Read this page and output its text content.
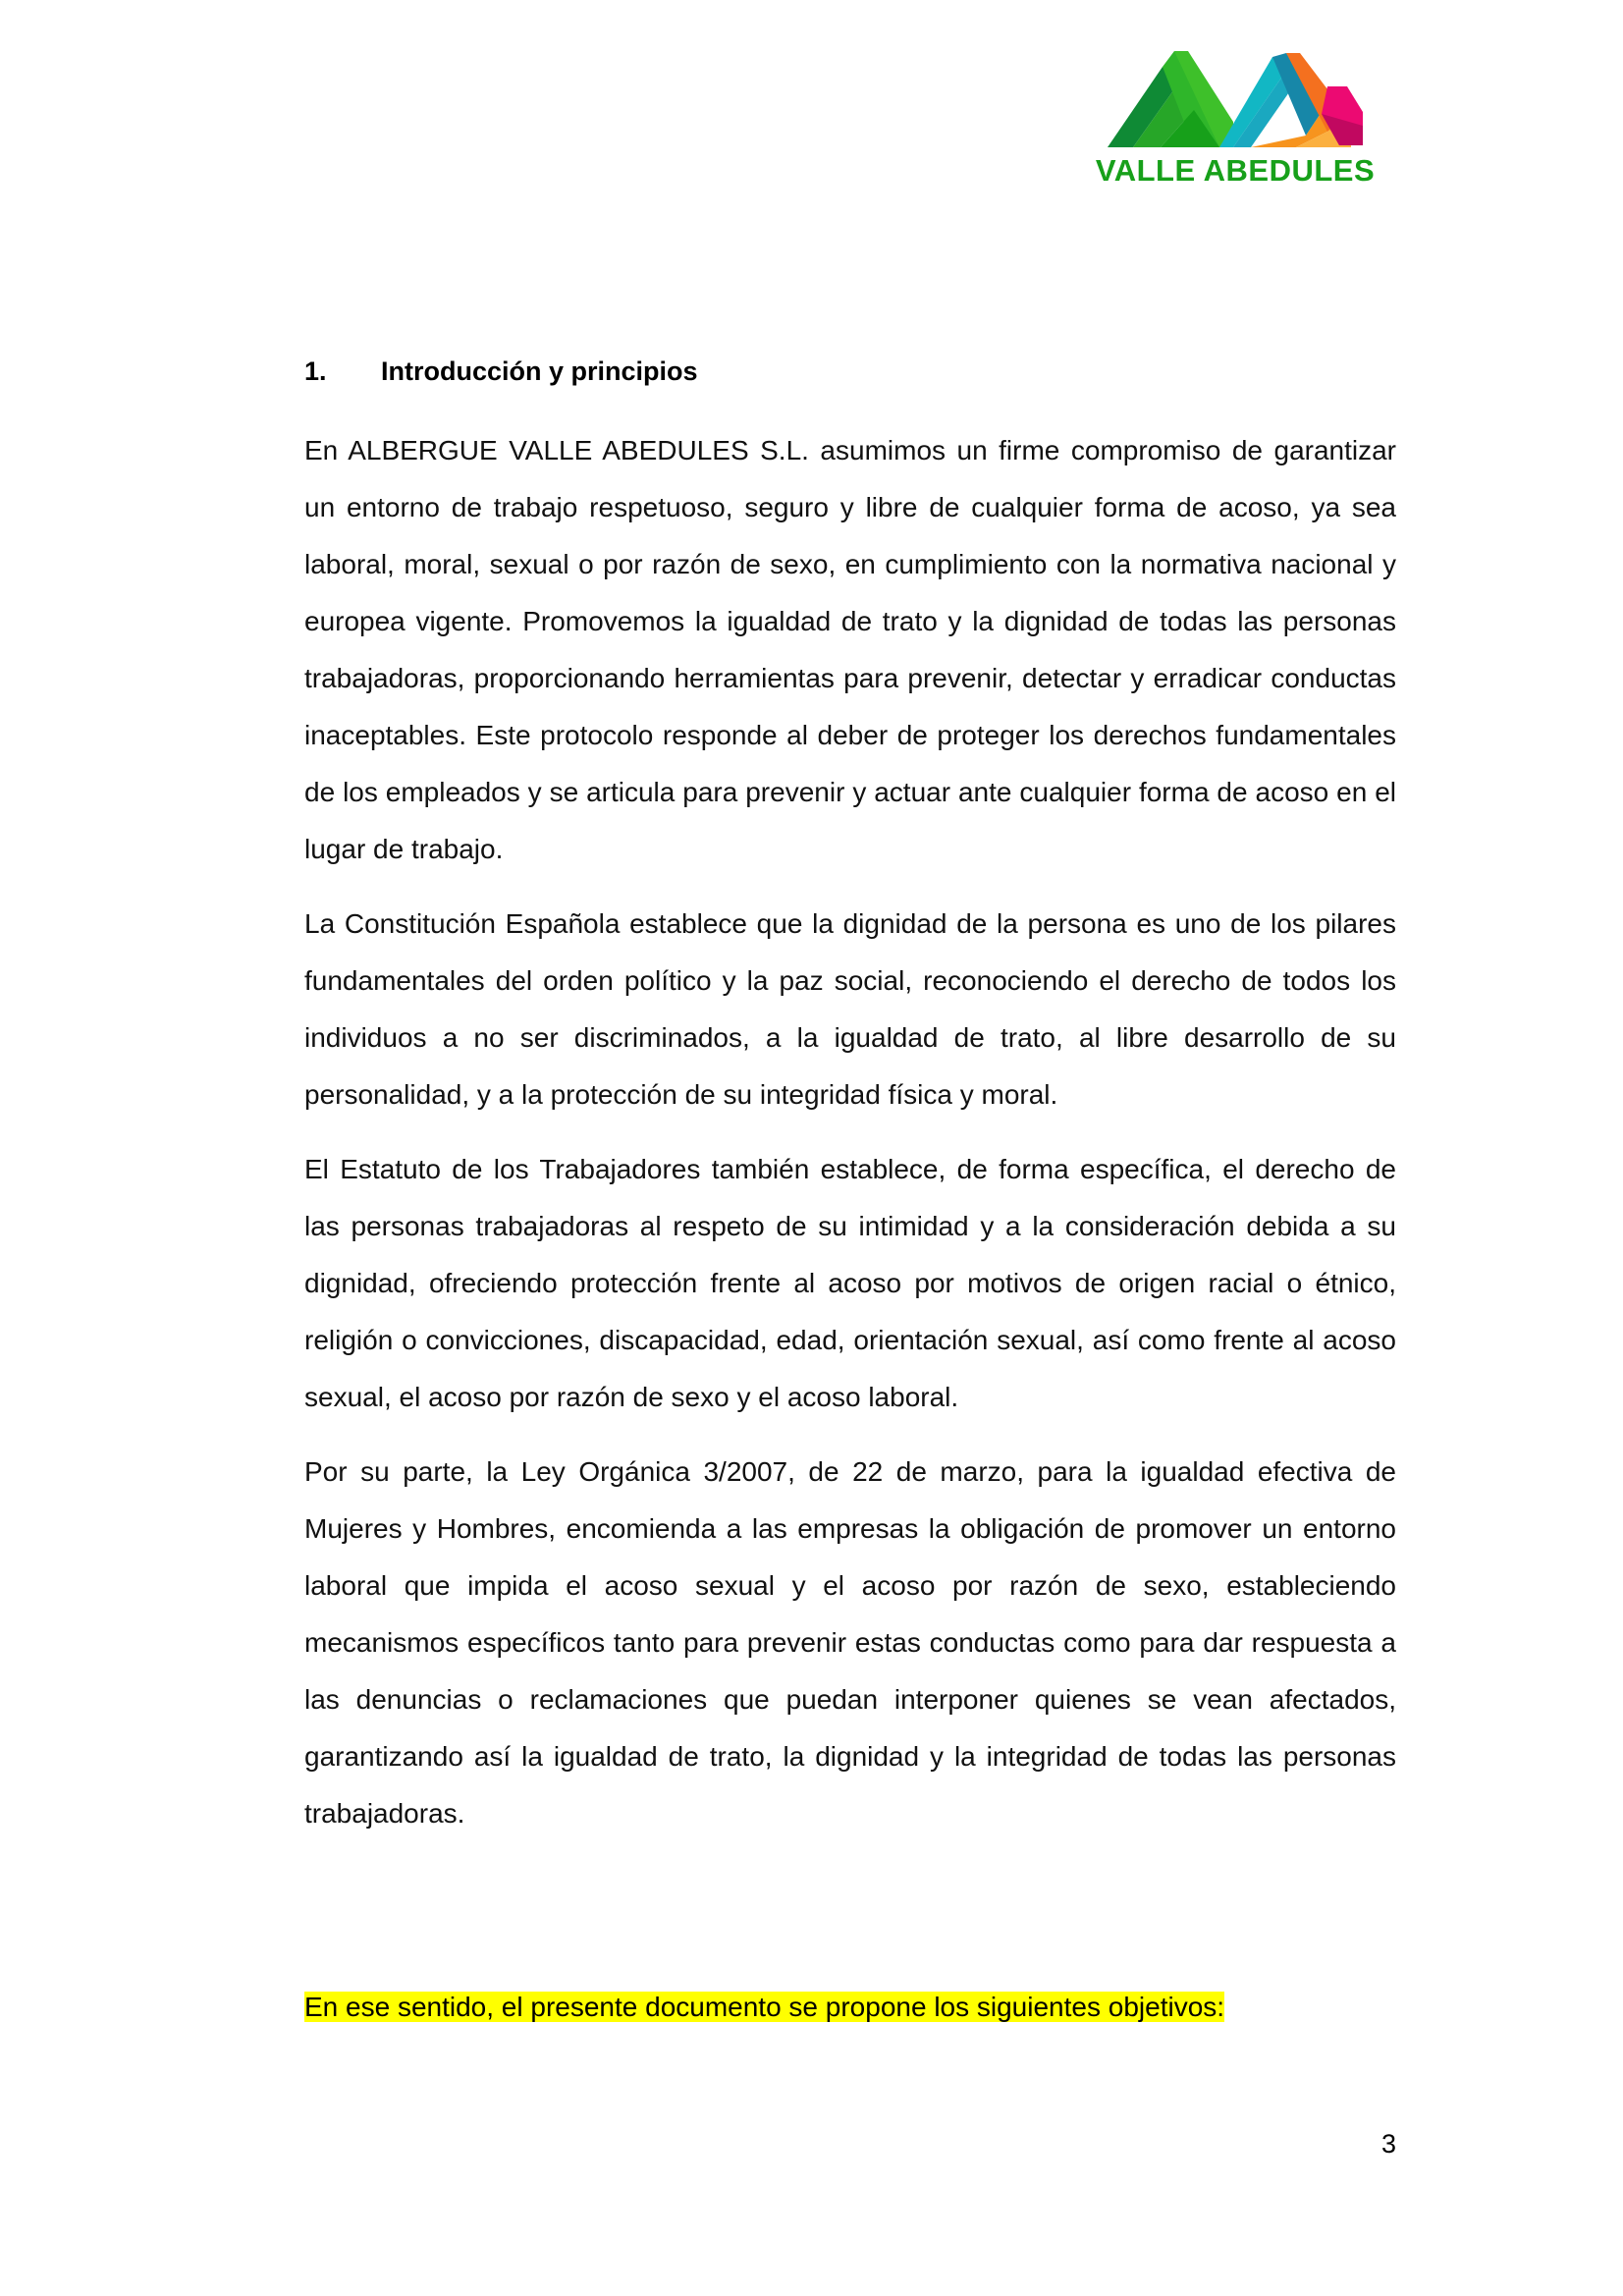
VALLE ABEDULES
1. Introducción y principios

En ALBERGUE VALLE ABEDULES S.L. asumimos un firme compromiso de garantizar un entorno de trabajo respetuoso, seguro y libre de cualquier forma de acoso, ya sea laboral, moral, sexual o por razón de sexo, en cumplimiento con la normativa nacional y europea vigente. Promovemos la igualdad de trato y la dignidad de todas las personas trabajadoras, proporcionando herramientas para prevenir, detectar y erradicar conductas inaceptables. Este protocolo responde al deber de proteger los derechos fundamentales de los empleados y se articula para prevenir y actuar ante cualquier forma de acoso en el lugar de trabajo.

La Constitución Española establece que la dignidad de la persona es uno de los pilares fundamentales del orden político y la paz social, reconociendo el derecho de todos los individuos a no ser discriminados, a la igualdad de trato, al libre desarrollo de su personalidad, y a la protección de su integridad física y moral.

El Estatuto de los Trabajadores también establece, de forma específica, el derecho de las personas trabajadoras al respeto de su intimidad y a la consideración debida a su dignidad, ofreciendo protección frente al acoso por motivos de origen racial o étnico, religión o convicciones, discapacidad, edad, orientación sexual, así como frente al acoso sexual, el acoso por razón de sexo y el acoso laboral.

Por su parte, la Ley Orgánica 3/2007, de 22 de marzo, para la igualdad efectiva de Mujeres y Hombres, encomienda a las empresas la obligación de promover un entorno laboral que impida el acoso sexual y el acoso por razón de sexo, estableciendo mecanismos específicos tanto para prevenir estas conductas como para dar respuesta a las denuncias o reclamaciones que puedan interponer quienes se vean afectados, garantizando así la igualdad de trato, la dignidad y la integridad de todas las personas trabajadoras.

En ese sentido, el presente documento se propone los siguientes objetivos:
3
